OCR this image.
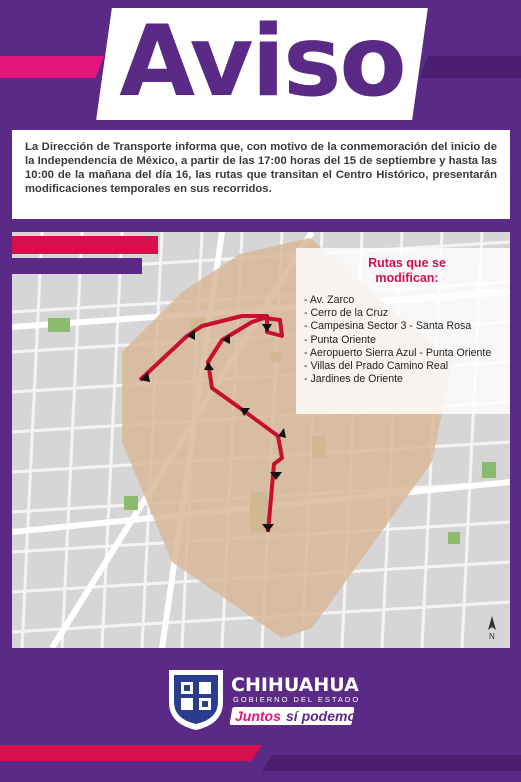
Aviso
La Dirección de Transporte informa que, con motivo de la conmemoración del inicio de la Independencia de México, a partir de las 17:00 horas del 15 de septiembre y hasta las 10:00 de la mañana del día 16, las rutas que transitan el Centro Histórico, presentarán modificaciones temporales en sus recorridos.
Rutas que se
modifican:
- Av. Zarco
- Cerro de la Cruz
- Campesina Sector 3 - Santa Rosa
- Punta Oriente
- Aeropuerto Sierra Azul - Punta Oriente
- Villas del Prado Camino Real
- Jardines de Oriente
N
CHIHUAHUA
GOBIERNO DEL ESTADO
Juntos sí podemos
